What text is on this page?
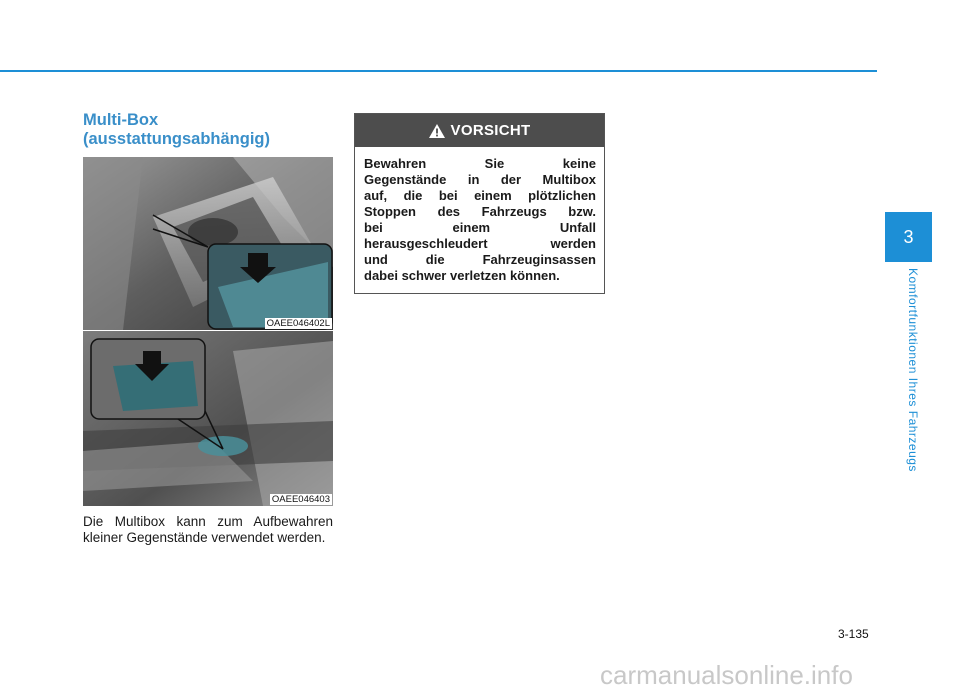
Multi-Box
(ausstattungsabhängig)
OAEE046402L
OAEE046403
Die Multibox kann zum Aufbewahren kleiner Gegenstände verwendet werden.
VORSICHT
Bewahren Sie keine
Gegenstände in der Multibox
auf, die bei einem plötzlichen
Stoppen des Fahrzeugs bzw.
bei einem Unfall
herausgeschleudert werden
und die Fahrzeuginsassen
dabei schwer verletzen können.
3
Komfortfunktionen Ihres Fahrzeugs
3-135
carmanualsonline.info
